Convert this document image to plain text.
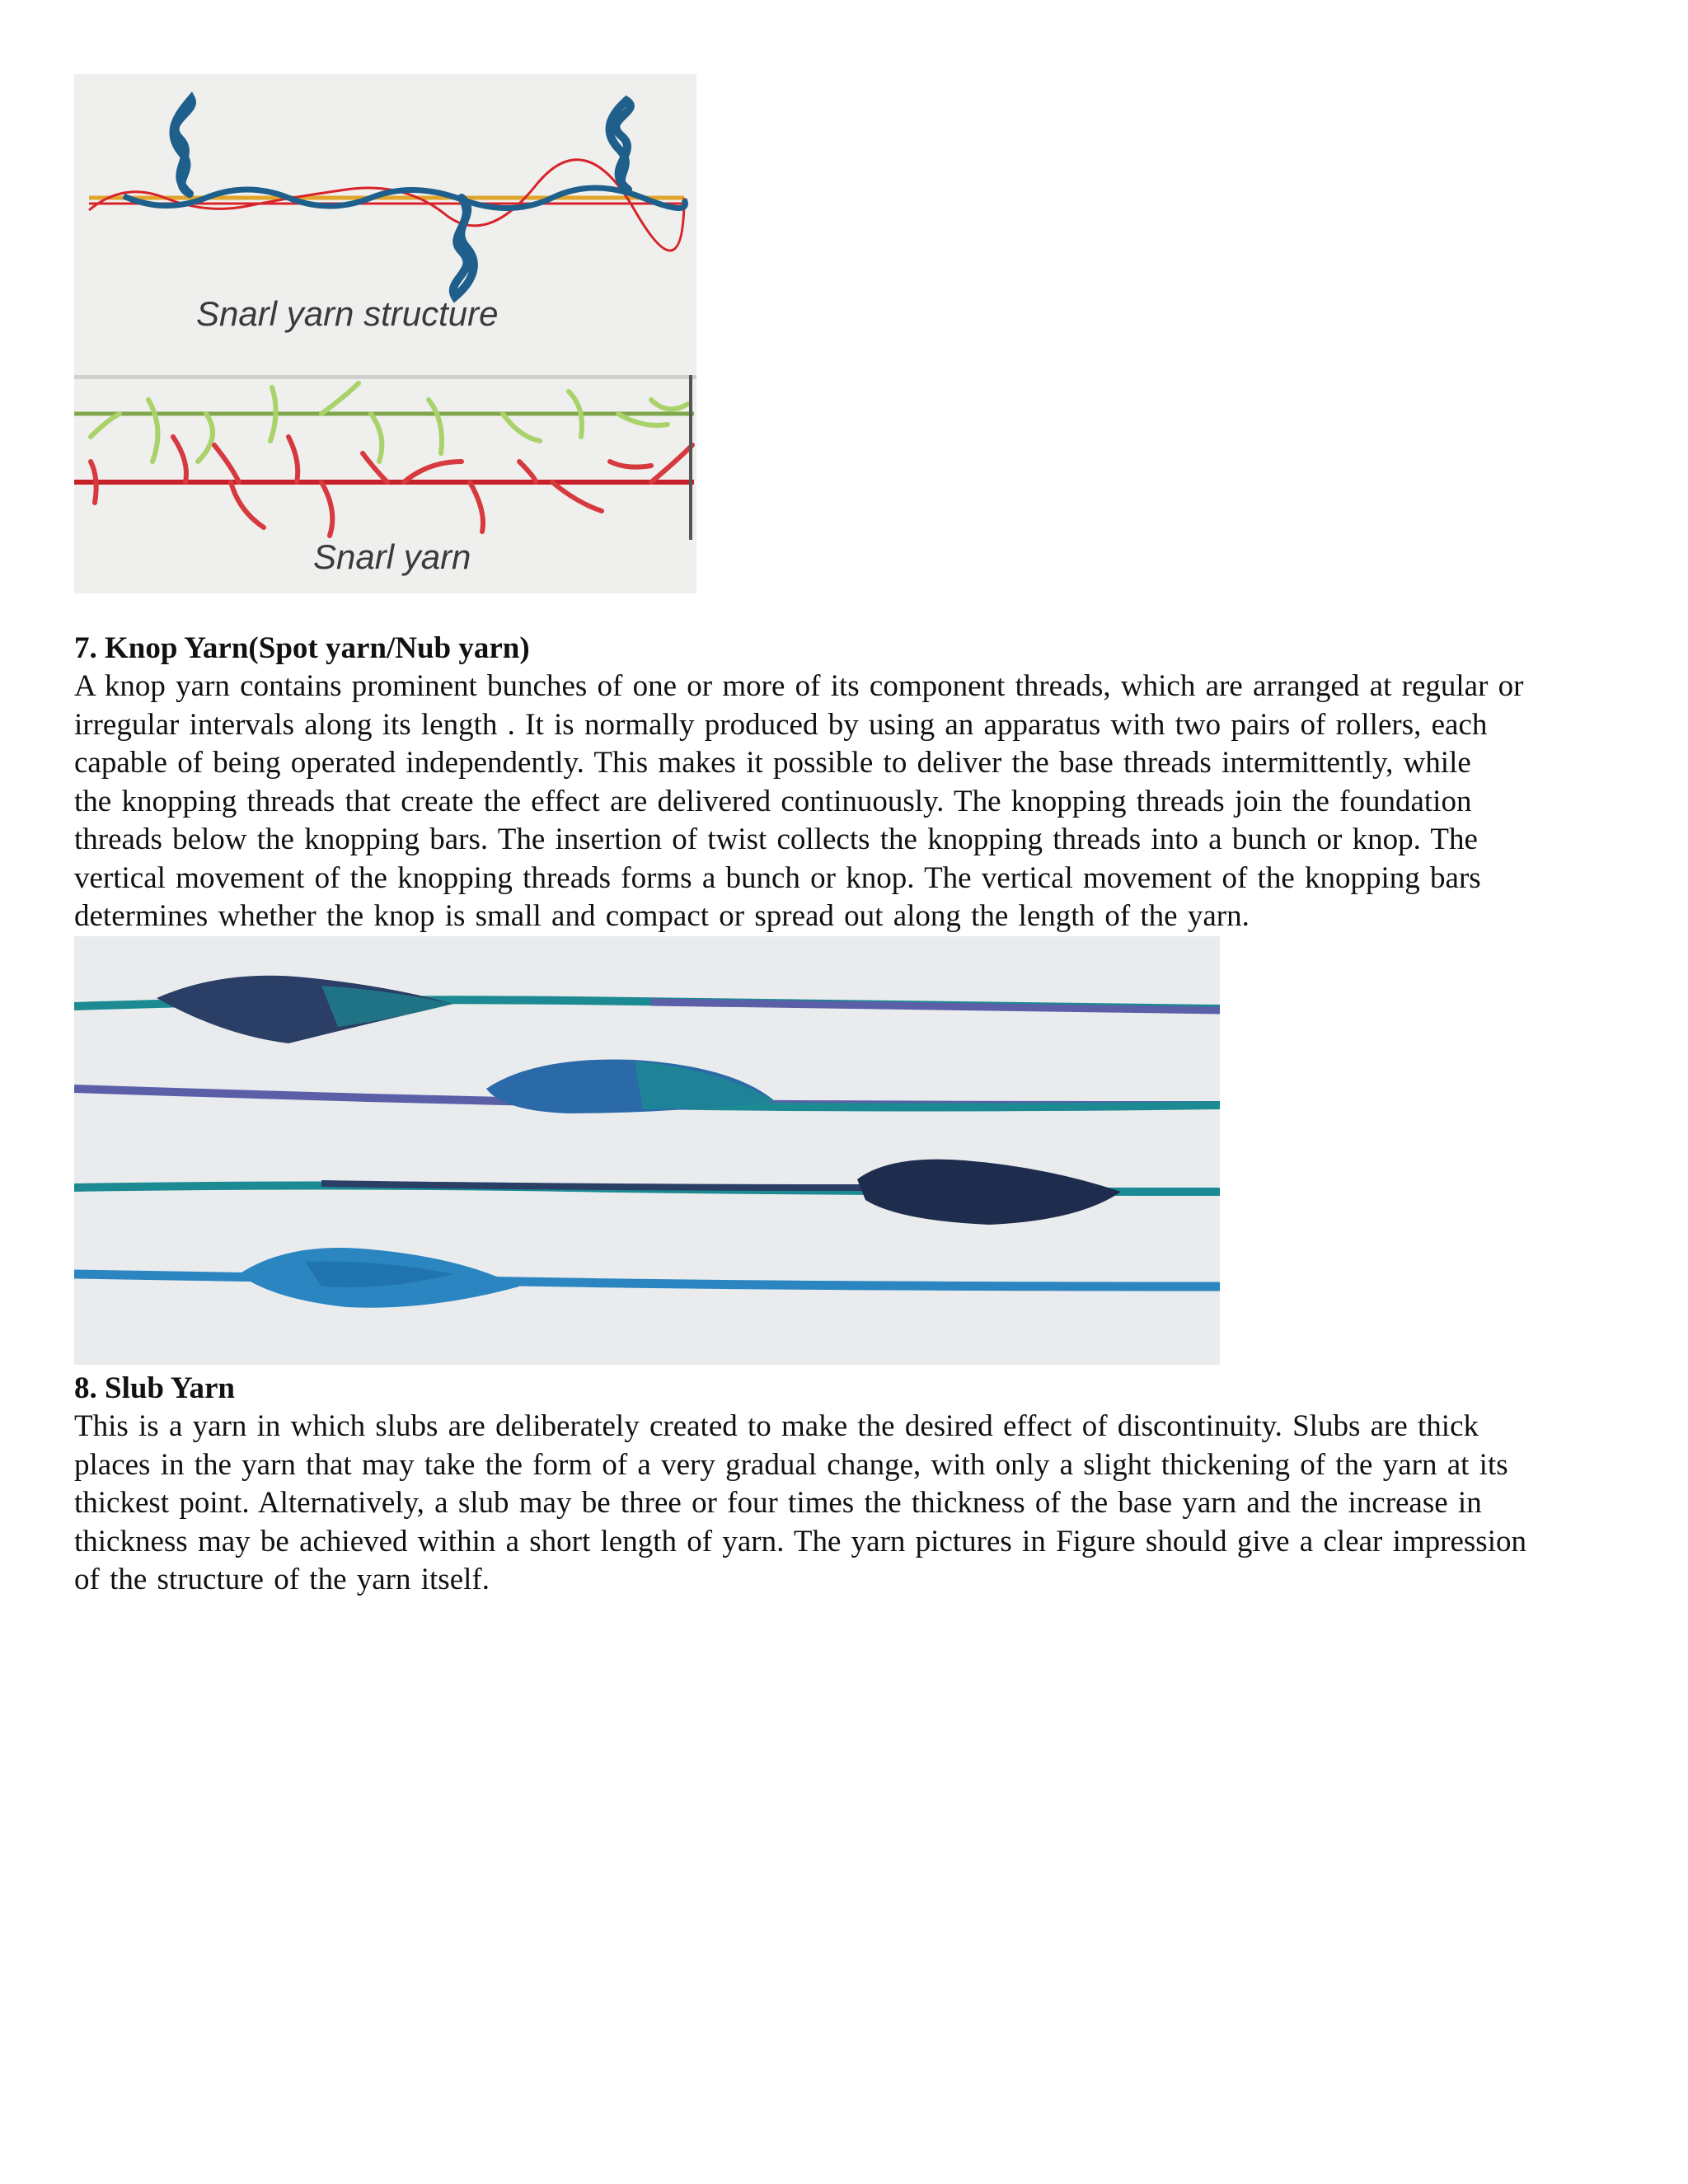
Snarl yarn structure
Snarl yarn

7. Knop Yarn(Spot yarn/Nub yarn)

A knop yarn contains prominent bunches of one or more of its component threads, which are arranged at regular or

irregular intervals along its length . It is normally produced by using an apparatus with two pairs of rollers, each

capable of being operated independently. This makes it possible to deliver the base threads intermittently, while

the knopping threads that create the effect are delivered continuously. The knopping threads join the foundation

threads below the knopping bars. The insertion of twist collects the knopping threads into a bunch or knop. The

vertical movement of the knopping threads forms a bunch or knop. The vertical movement of the knopping bars

determines whether the knop is small and compact or spread out along the length of the yarn.

8. Slub Yarn

This is a yarn in which slubs are deliberately created to make the desired effect of discontinuity. Slubs are thick

places in the yarn that may take the form of a very gradual change, with only a slight thickening of the yarn at its

thickest point. Alternatively, a slub may be three or four times the thickness of the base yarn and the increase in

thickness may be achieved within a short length of yarn. The yarn pictures in Figure should give a clear impression

of the structure of the yarn itself.
